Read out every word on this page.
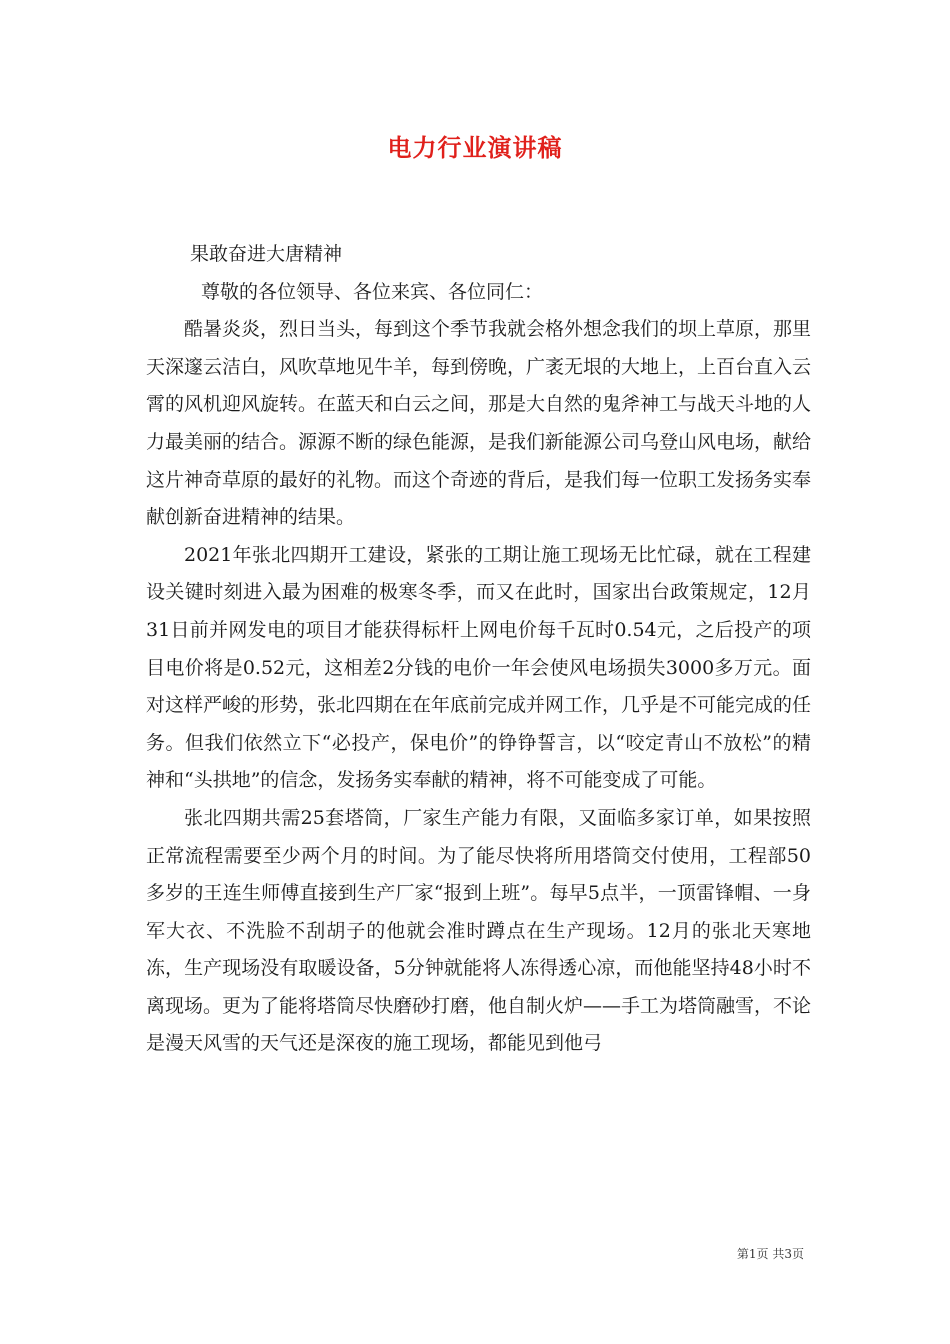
电力行业演讲稿

果敢奋进大唐精神

尊敬的各位领导、各位来宾、各位同仁：

酷暑炎炎，烈日当头，每到这个季节我就会格外想念我们的坝上草原，那里天深邃云洁白，风吹草地见牛羊，每到傍晚，广袤无垠的大地上，上百台直入云霄的风机迎风旋转。在蓝天和白云之间，那是大自然的鬼斧神工与战天斗地的人力最美丽的结合。源源不断的绿色能源，是我们新能源公司乌登山风电场，献给这片神奇草原的最好的礼物。而这个奇迹的背后，是我们每一位职工发扬务实奉献创新奋进精神的结果。

2021年张北四期开工建设，紧张的工期让施工现场无比忙碌，就在工程建设关键时刻进入最为困难的极寒冬季，而又在此时，国家出台政策规定，12月31日前并网发电的项目才能获得标杆上网电价每千瓦时0.54元，之后投产的项目电价将是0.52元，这相差2分钱的电价一年会使风电场损失3000多万元。面对这样严峻的形势，张北四期在在年底前完成并网工作，几乎是不可能完成的任务。但我们依然立下“必投产，保电价”的铮铮誓言，以“咬定青山不放松”的精神和“头拱地”的信念，发扬务实奉献的精神，将不可能变成了可能。

张北四期共需25套塔筒，厂家生产能力有限，又面临多家订单，如果按照正常流程需要至少两个月的时间。为了能尽快将所用塔筒交付使用，工程部50多岁的王连生师傅直接到生产厂家“报到上班”。每早5点半，一顶雷锋帽、一身军大衣、不洗脸不刮胡子的他就会准时蹲点在生产现场。12月的张北天寒地冻，生产现场没有取暖设备，5分钟就能将人冻得透心凉，而他能坚持48小时不离现场。更为了能将塔筒尽快磨砂打磨，他自制火炉——手工为塔筒融雪，不论是漫天风雪的天气还是深夜的施工现场，都能见到他弓

第1页 共3页
